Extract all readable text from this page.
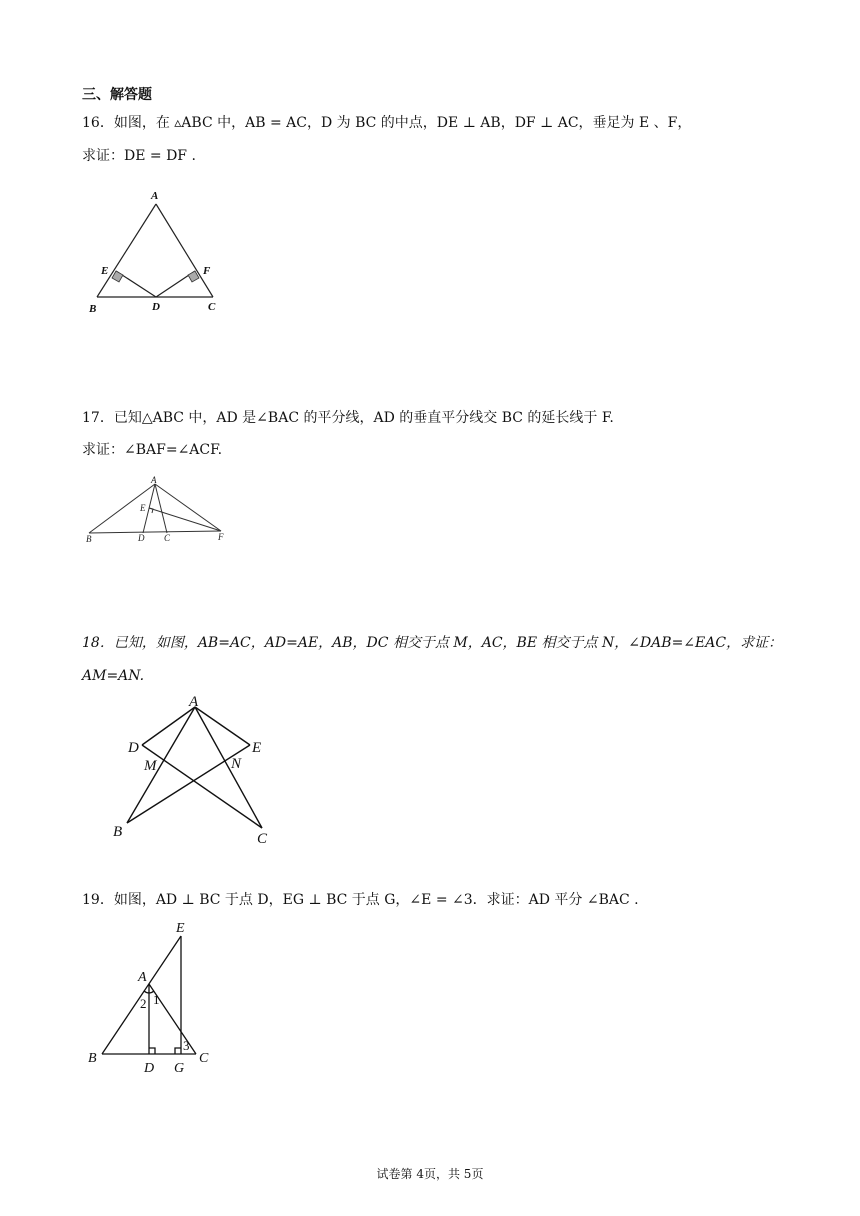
三、解答题
16．如图，在 ▵ABC 中，AB = AC，D 为 BC 的中点，DE ⊥ AB，DF ⊥ AC，垂足为 E 、F，
求证：DE = DF .
A
E	F
B	D	C
17．已知△ABC 中，AD 是∠BAC 的平分线，AD 的垂直平分线交 BC 的延长线于 F.
求证：∠BAF=∠ACF.
A
E
B	D C	F
18．已知，如图，AB=AC，AD=AE，AB，DC 相交于点 M，AC，BE 相交于点 N，∠DAB=∠EAC，求证：
AM=AN.
A
D	E
M	N
B	C
19．如图，AD ⊥ BC 于点 D，EG ⊥ BC 于点 G，∠E = ∠3．求证：AD 平分 ∠BAC .
E
A
B
D G
C
2 1
3
试卷第 4页，共 5页
